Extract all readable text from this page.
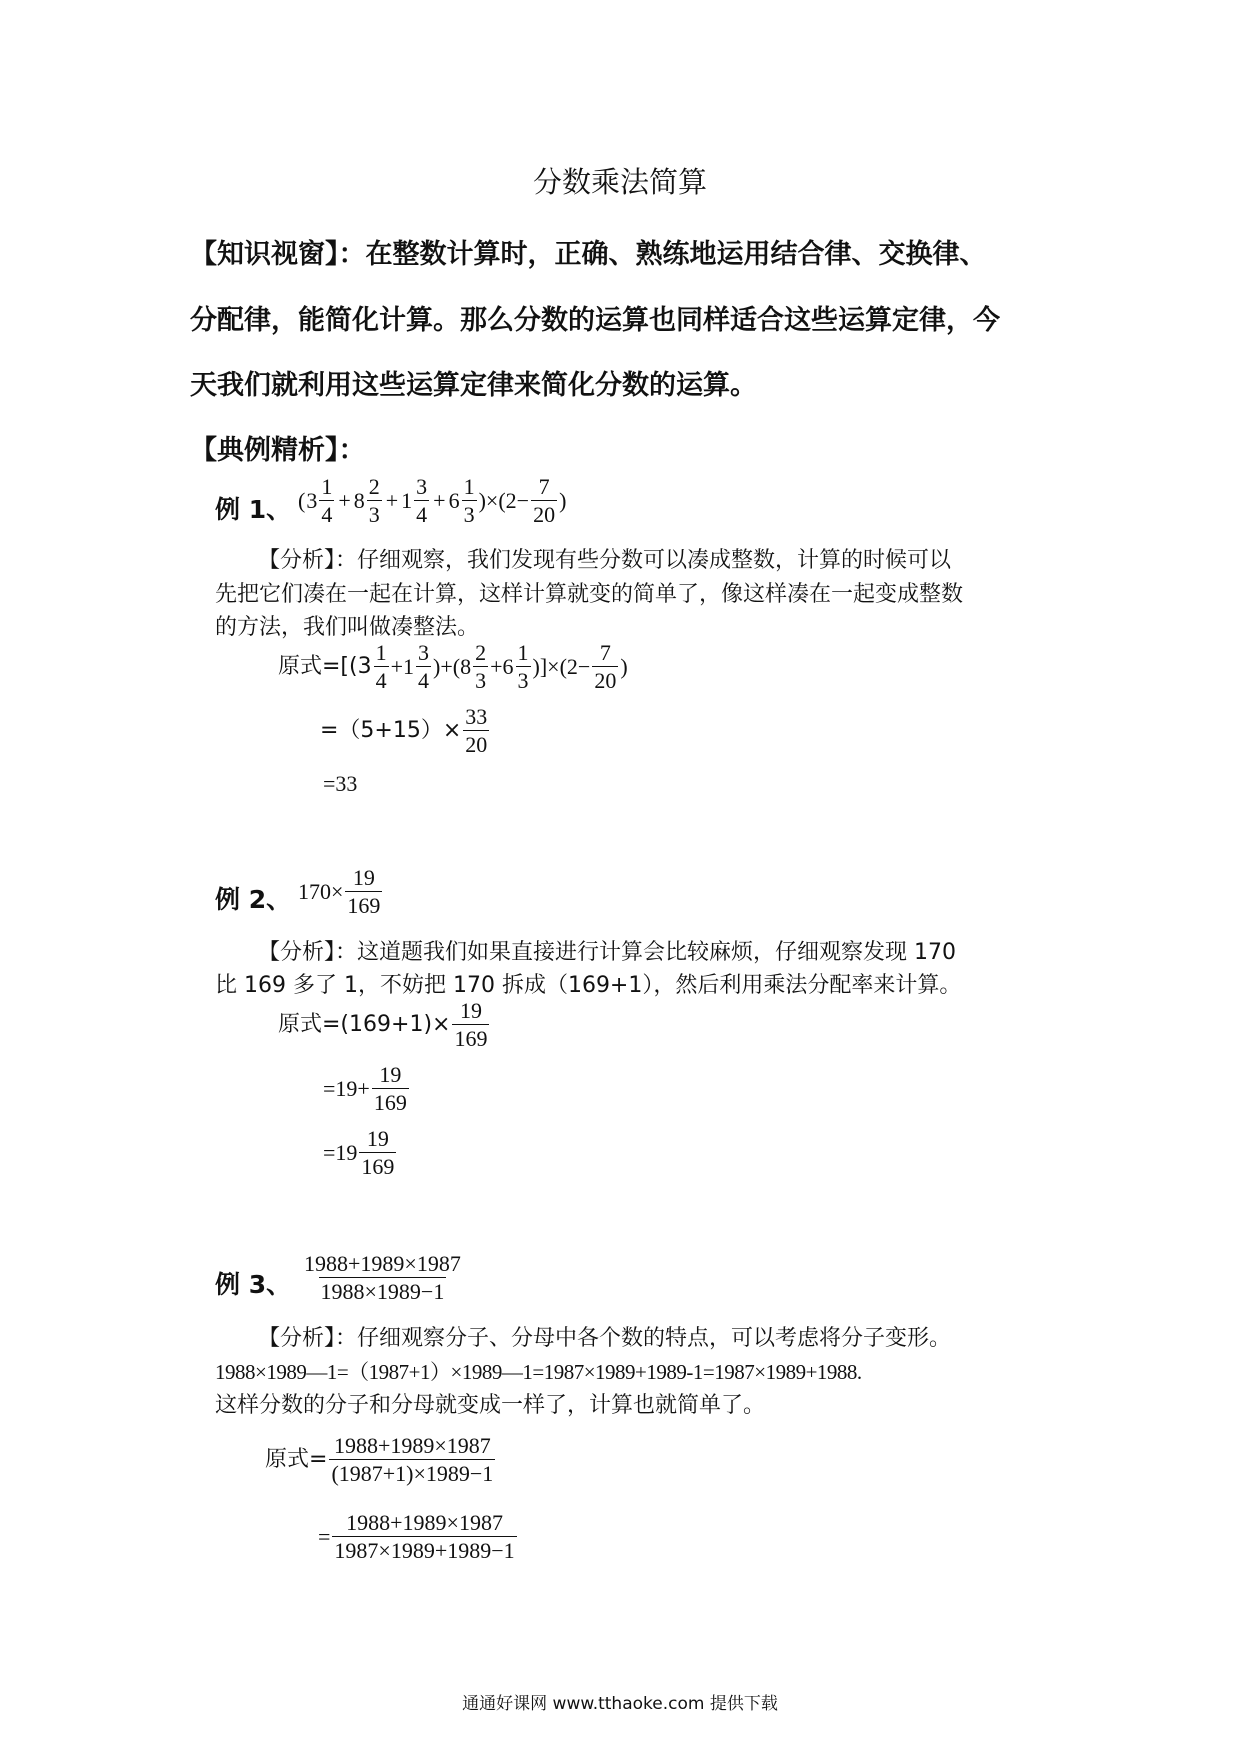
分数乘法简算
【知识视窗】：在整数计算时，正确、熟练地运用结合律、交换律、
分配律，能简化计算。那么分数的运算也同样适合这些运算定律，今
天我们就利用这些运算定律来简化分数的运算。
【典例精析】：
例 1、 ( $3 \frac{1}{4} + 8 \frac{2}{3} + 1 \frac{3}{4} + 6 \frac{1}{3} )\times(2- \frac{7}{20}$ )
【分析】：仔细观察，我们发现有些分数可以凑成整数，计算的时候可以
先把它们凑在一起在计算，这样计算就变的简单了，像这样凑在一起变成整数
的方法，我们叫做凑整法。
原式$=[(3 \frac{1}{4} +1 \frac{3}{4} )+(8 \frac{2}{3} +6 \frac{1}{3} )]\times(2- \frac{7}{20}$ )
$=(5+15)\times \frac{33}{20}$
=33
例 2、 $170\times \frac{19}{169}$
【分析】：这道题我们如果直接进行计算会比较麻烦，仔细观察发现 170
比 169 多了 1，不妨把 170 拆成（169+1），然后利用乘法分配率来计算。
原式$=(169+1)\times \frac{19}{169}$
$=19+ \frac{19}{169}$
$=19 \frac{19}{169}$
例 3、 $\frac{1988+1989\times 1987}{1988\times 1989-1}$
【分析】：仔细观察分子、分母中各个数的特点，可以考虑将分子变形。
1988×1989—1=（1987+1）×1989—1=1987×1989+1989-1=1987×1989+1988.
这样分数的分子和分母就变成一样了，计算也就简单了。
原式= $\frac{1988+1989\times 1987}{(1987+1)\times 1989-1}$
= $\frac{1988+1989\times 1987}{1987\times 1989+1989-1}$
通通好课网 www.tthaoke.com 提供下载
